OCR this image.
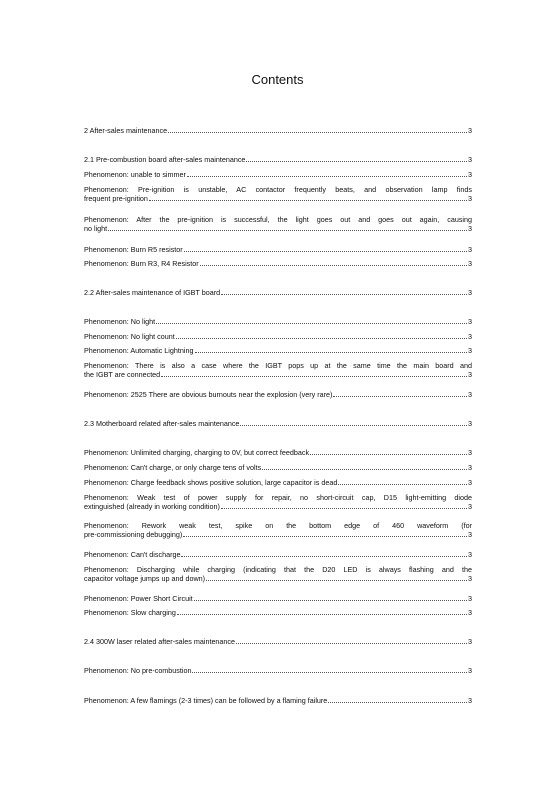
Contents
2 After-sales maintenance	3
2.1 Pre-combustion board after-sales maintenance	3
Phenomenon: unable to simmer	3
Phenomenon: Pre-ignition is unstable, AC contactor frequently beats, and observation lamp finds
frequent pre-ignition	3
Phenomenon: After the pre-ignition is successful, the light goes out and goes out again, causing
no light	3
Phenomenon: Burn R5 resistor	3
Phenomenon: Burn R3, R4 Resistor	3
2.2 After-sales maintenance of IGBT board	3
Phenomenon: No light	3
Phenomenon: No light count	3
Phenomenon: Automatic Lightning	3
Phenomenon: There is also a case where the IGBT pops up at the same time the main board and
the IGBT are connected	3
Phenomenon: 2525 There are obvious burnouts near the explosion (very rare)	3
2.3 Motherboard related after-sales maintenance	3
Phenomenon: Unlimited charging, charging to 0V, but correct feedback	3
Phenomenon: Can't charge, or only charge tens of volts	3
Phenomenon: Charge feedback shows positive solution, large capacitor is dead	3
Phenomenon: Weak test of power supply for repair, no short-circuit cap, D15 light-emitting diode
extinguished (already in working condition)	3
Phenomenon: Rework weak test, spike on the bottom edge of 460 waveform (for
pre-commissioning debugging)	3
Phenomenon: Can't discharge	3
Phenomenon: Discharging while charging (indicating that the D20 LED is always flashing and the
capacitor voltage jumps up and down)	3
Phenomenon: Power Short Circuit	3
Phenomenon: Slow charging	3
2.4 300W laser related after-sales maintenance	3
Phenomenon: No pre-combustion	3
Phenomenon: A few flamings (2-3 times) can be followed by a flaming failure	3
